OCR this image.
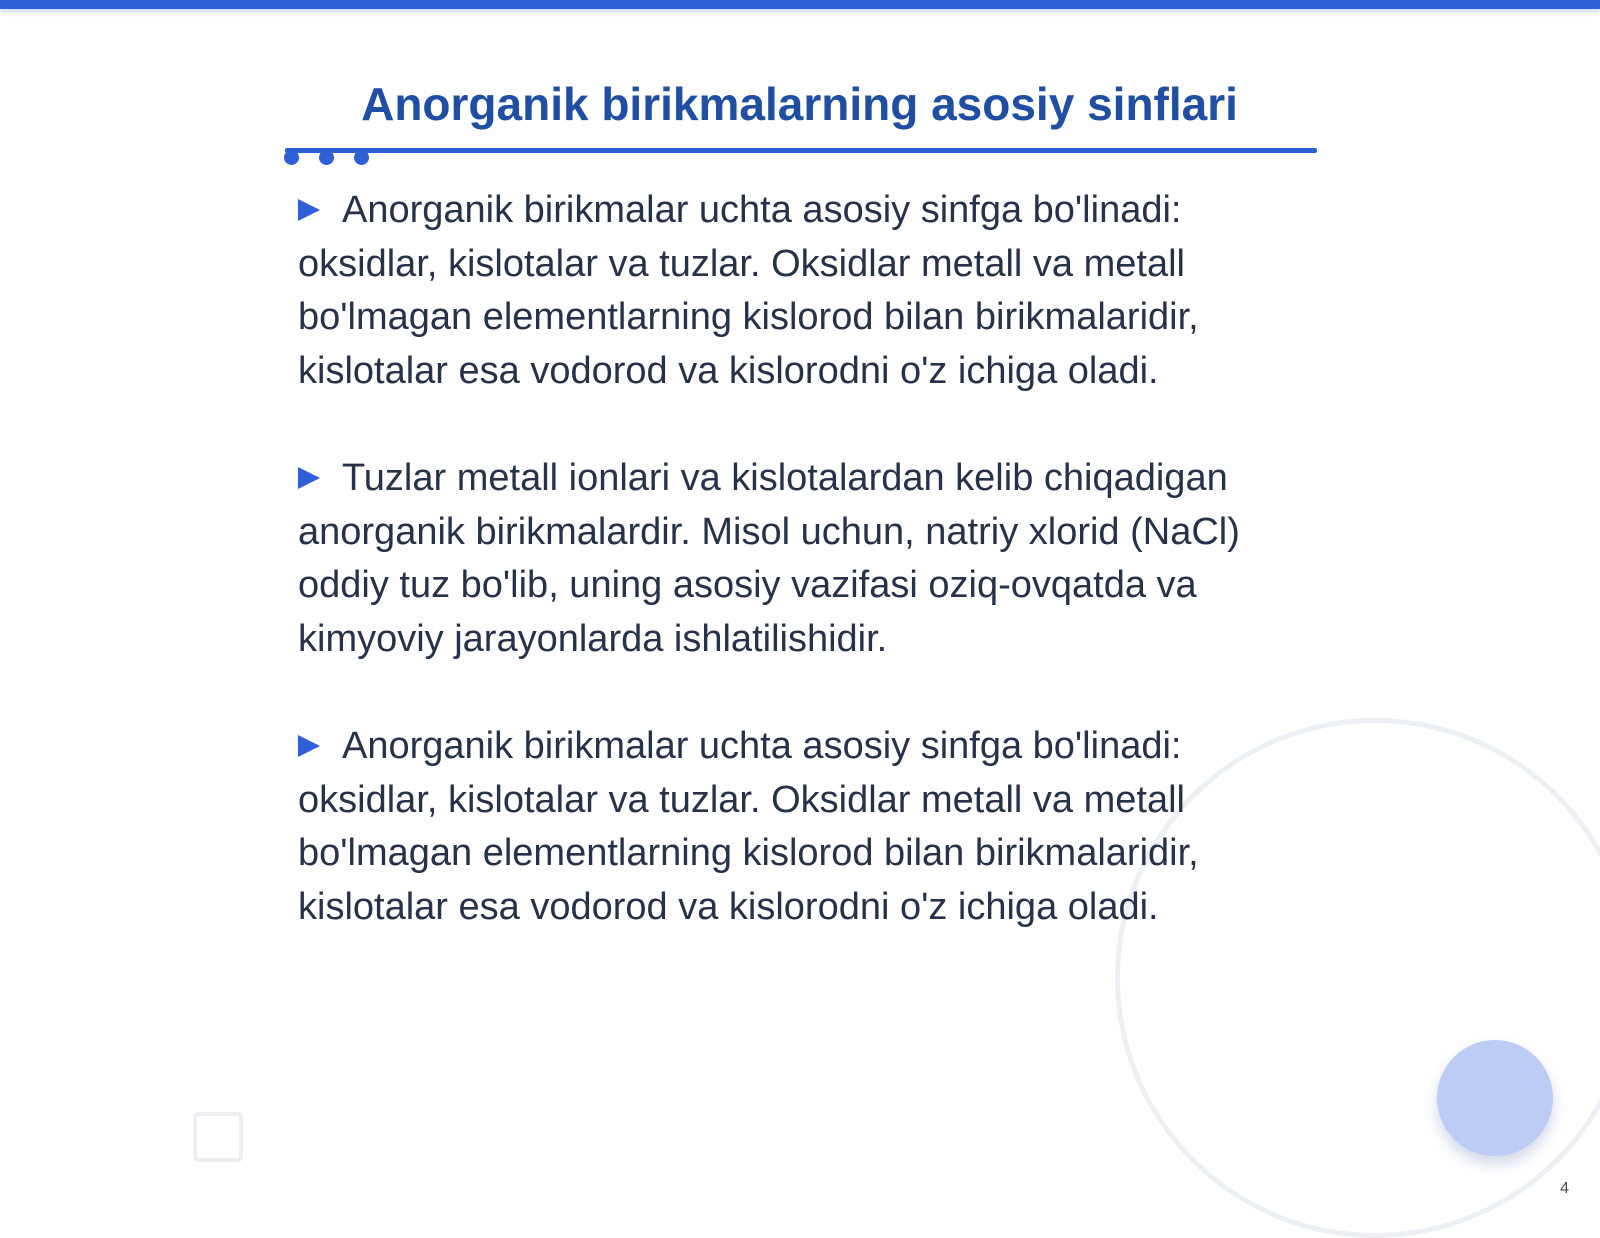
Anorganik birikmalarning asosiy sinflari

Anorganik birikmalar uchta asosiy sinfga bo'linadi: oksidlar, kislotalar va tuzlar. Oksidlar metall va metall bo'lmagan elementlarning kislorod bilan birikmalaridir, kislotalar esa vodorod va kislorodni o'z ichiga oladi.

Tuzlar metall ionlari va kislotalardan kelib chiqadigan anorganik birikmalardir. Misol uchun, natriy xlorid (NaCl) oddiy tuz bo'lib, uning asosiy vazifasi oziq-ovqatda va kimyoviy jarayonlarda ishlatilishidir.

Anorganik birikmalar uchta asosiy sinfga bo'linadi: oksidlar, kislotalar va tuzlar. Oksidlar metall va metall bo'lmagan elementlarning kislorod bilan birikmalaridir, kislotalar esa vodorod va kislorodni o'z ichiga oladi.

4
